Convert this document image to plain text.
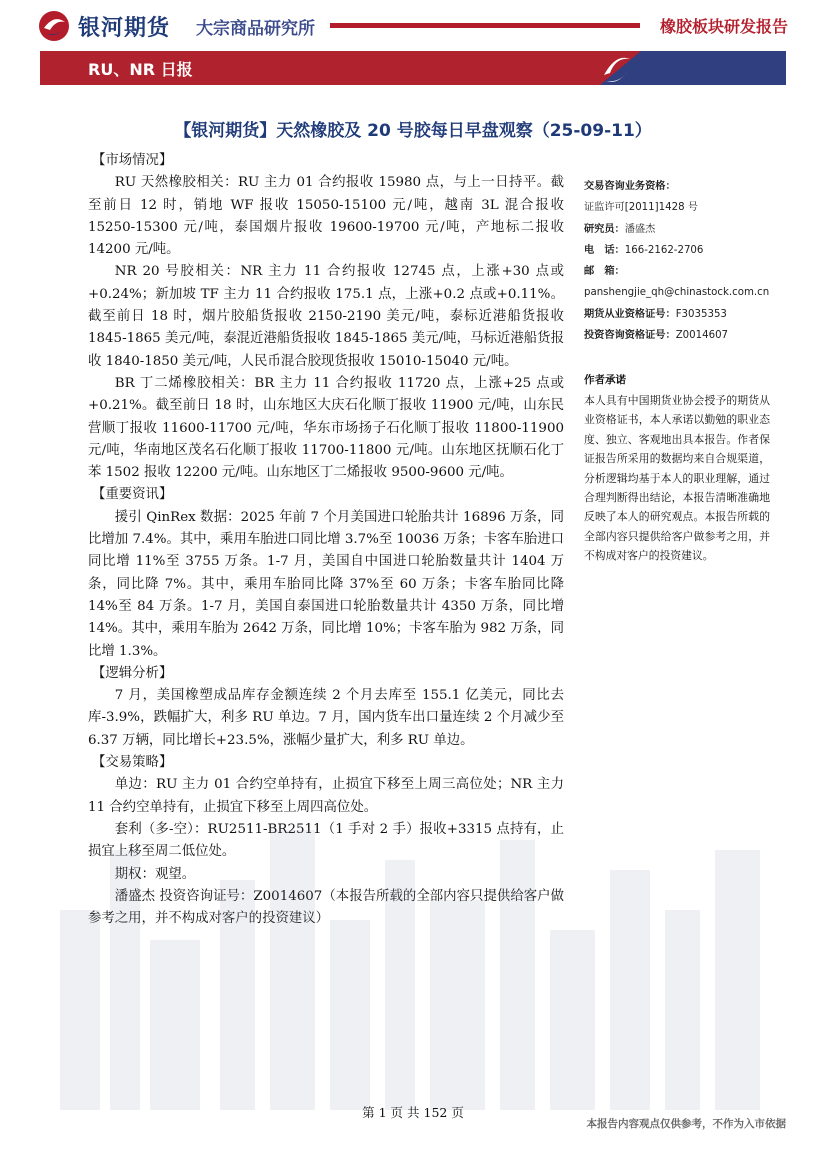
银河期货 大宗商品研究所	橡胶板块研发报告
RU、NR 日报
【银河期货】天然橡胶及 20 号胶每日早盘观察（25-09-11）

【市场情况】

RU 天然橡胶相关：RU 主力 01 合约报收 15980 点，与上一日持平。截至前日 12 时，销地 WF 报收 15050-15100 元/吨，越南 3L 混合报收 15250-15300 元/吨，泰国烟片报收 19600-19700 元/吨，产地标二报收 14200 元/吨。

NR 20 号胶相关：NR 主力 11 合约报收 12745 点，上涨+30 点或+0.24%；新加坡 TF 主力 11 合约报收 175.1 点，上涨+0.2 点或+0.11%。截至前日 18 时，烟片胶船货报收 2150-2190 美元/吨，泰标近港船货报收 1845-1865 美元/吨，泰混近港船货报收 1845-1865 美元/吨，马标近港船货报收 1840-1850 美元/吨，人民币混合胶现货报收 15010-15040 元/吨。

BR 丁二烯橡胶相关：BR 主力 11 合约报收 11720 点，上涨+25 点或+0.21%。截至前日 18 时，山东地区大庆石化顺丁报收 11900 元/吨，山东民营顺丁报收 11600-11700 元/吨，华东市场扬子石化顺丁报收 11800-11900 元/吨，华南地区茂名石化顺丁报收 11700-11800 元/吨。山东地区抚顺石化丁苯 1502 报收 12200 元/吨。山东地区丁二烯报收 9500-9600 元/吨。

【重要资讯】

援引 QinRex 数据：2025 年前 7 个月美国进口轮胎共计 16896 万条，同比增加 7.4%。其中，乘用车胎进口同比增 3.7%至 10036 万条；卡客车胎进口同比增 11%至 3755 万条。1-7 月，美国自中国进口轮胎数量共计 1404 万条，同比降 7%。其中，乘用车胎同比降 37%至 60 万条；卡客车胎同比降 14%至 84 万条。1-7 月，美国自泰国进口轮胎数量共计 4350 万条，同比增 14%。其中，乘用车胎为 2642 万条，同比增 10%；卡客车胎为 982 万条，同比增 1.3%。

【逻辑分析】

7 月，美国橡塑成品库存金额连续 2 个月去库至 155.1 亿美元，同比去库-3.9%，跌幅扩大，利多 RU 单边。7 月，国内货车出口量连续 2 个月减少至 6.37 万辆，同比增长+23.5%，涨幅少量扩大，利多 RU 单边。

【交易策略】

单边：RU 主力 01 合约空单持有，止损宜下移至上周三高位处；NR 主力 11 合约空单持有，止损宜下移至上周四高位处。

套利（多-空）：RU2511-BR2511（1 手对 2 手）报收+3315 点持有，止损宜上移至周二低位处。

期权：观望。

潘盛杰 投资咨询证号：Z0014607（本报告所载的全部内容只提供给客户做参考之用，并不构成对客户的投资建议）

交易咨询业务资格：

证监许可[2011]1428 号

研究员：潘盛杰

电　话：166-2162-2706

邮　箱：

panshengjie_qh@chinastock.com.cn

期货从业资格证号：F3035353

投资咨询资格证号：Z0014607

作者承诺
本人具有中国期货业协会授予的期货从业资格证书，本人承诺以勤勉的职业态度、独立、客观地出具本报告。作者保证报告所采用的数据均来自合规渠道，分析逻辑均基于本人的职业理解，通过合理判断得出结论，本报告清晰准确地反映了本人的研究观点。本报告所载的全部内容只提供给客户做参考之用，并不构成对客户的投资建议。
第 1 页 共 152 页
本报告内容观点仅供参考，不作为入市依据
